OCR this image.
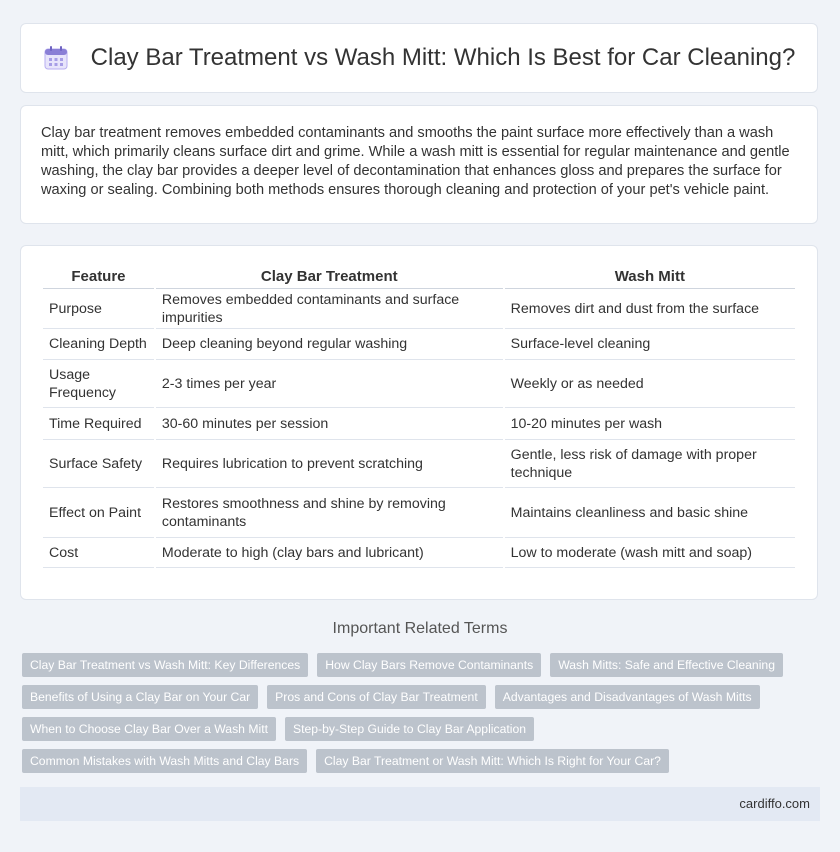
Clay Bar Treatment vs Wash Mitt: Which Is Best for Car Cleaning?

Clay bar treatment removes embedded contaminants and smooths the paint surface more effectively than a wash mitt, which primarily cleans surface dirt and grime. While a wash mitt is essential for regular maintenance and gentle washing, the clay bar provides a deeper level of decontamination that enhances gloss and prepares the surface for waxing or sealing. Combining both methods ensures thorough cleaning and protection of your pet's vehicle paint.

Feature	Clay Bar Treatment	Wash Mitt
Purpose	Removes embedded contaminants and surface impurities	Removes dirt and dust from the surface
Cleaning Depth	Deep cleaning beyond regular washing	Surface-level cleaning
Usage Frequency	2-3 times per year	Weekly or as needed
Time Required	30-60 minutes per session	10-20 minutes per wash
Surface Safety	Requires lubrication to prevent scratching	Gentle, less risk of damage with proper technique
Effect on Paint	Restores smoothness and shine by removing contaminants	Maintains cleanliness and basic shine
Cost	Moderate to high (clay bars and lubricant)	Low to moderate (wash mitt and soap)
Important Related Terms
Clay Bar Treatment vs Wash Mitt: Key Differences	How Clay Bars Remove Contaminants	Wash Mitts: Safe and Effective Cleaning
Benefits of Using a Clay Bar on Your Car	Pros and Cons of Clay Bar Treatment	Advantages and Disadvantages of Wash Mitts
When to Choose Clay Bar Over a Wash Mitt	Step-by-Step Guide to Clay Bar Application
Common Mistakes with Wash Mitts and Clay Bars	Clay Bar Treatment or Wash Mitt: Which Is Right for Your Car?
cardiffo.com
